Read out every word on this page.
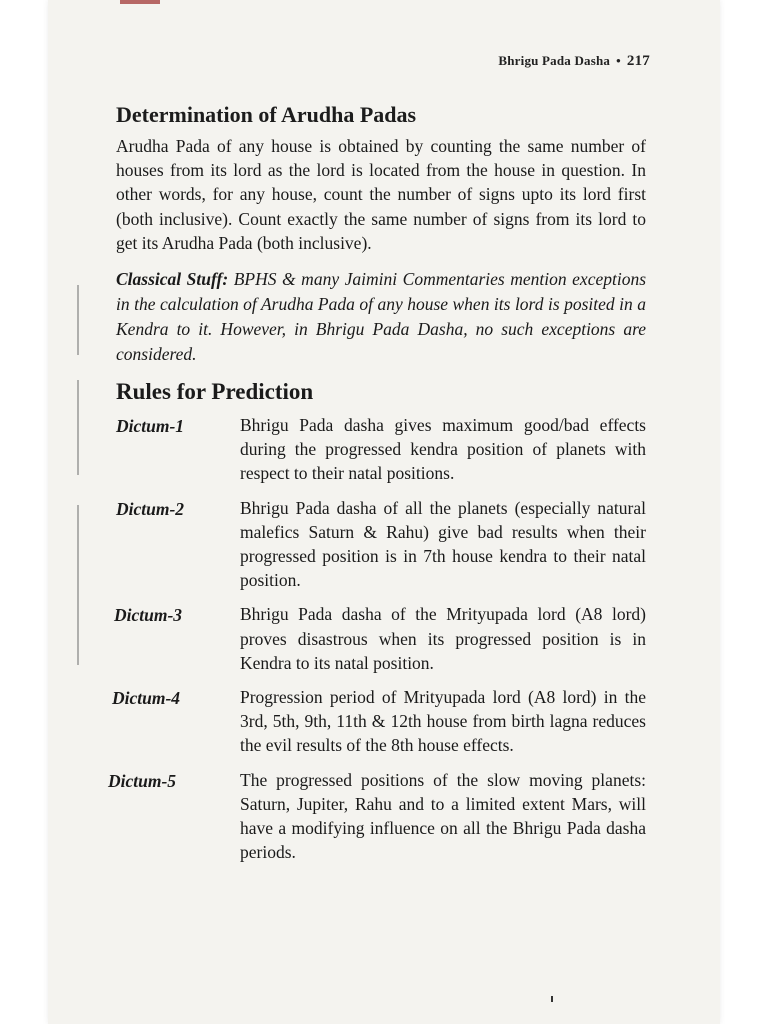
Bhrigu Pada Dasha • 217
Determination of Arudha Padas

Arudha Pada of any house is obtained by counting the same number of houses from its lord as the lord is located from the house in question. In other words, for any house, count the number of signs upto its lord first (both inclusive). Count exactly the same number of signs from its lord to get its Arudha Pada (both inclusive).

Classical Stuff: BPHS & many Jaimini Commentaries mention exceptions in the calculation of Arudha Pada of any house when its lord is posited in a Kendra to it. However, in Bhrigu Pada Dasha, no such exceptions are considered.

Rules for Prediction
Dictum-1	Bhrigu Pada dasha gives maximum good/bad effects during the progressed kendra position of planets with respect to their natal positions.
Dictum-2	Bhrigu Pada dasha of all the planets (especially natural malefics Saturn & Rahu) give bad results when their progressed position is in 7th house kendra to their natal position.
Dictum-3	Bhrigu Pada dasha of the Mrityupada lord (A8 lord) proves disastrous when its progressed position is in Kendra to its natal position.
Dictum-4	Progression period of Mrityupada lord (A8 lord) in the 3rd, 5th, 9th, 11th & 12th house from birth lagna reduces the evil results of the 8th house effects.
Dictum-5	The progressed positions of the slow moving planets: Saturn, Jupiter, Rahu and to a limited extent Mars, will have a modifying influence on all the Bhrigu Pada dasha periods.
